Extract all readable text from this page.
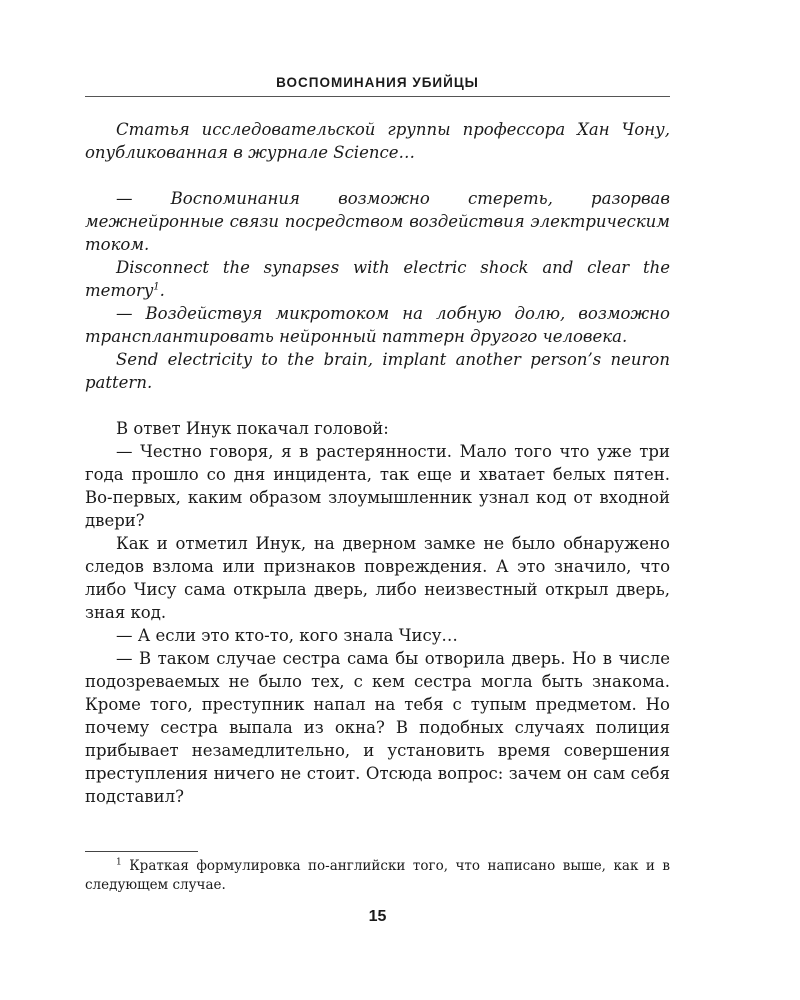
ВОСПОМИНАНИЯ УБИЙЦЫ

Статья исследовательской группы профессора Хан Чону, опубликованная в журнале Science…

— Воспоминания возможно стереть, разорвав межнейронные связи посредством воздействия электрическим током.

Disconnect the synapses with electric shock and clear the memory$^1$.

— Воздействуя микротоком на лобную долю, возможно трансплантировать нейронный паттерн другого человека.

Send electricity to the brain, implant another person’s neuron pattern.

В ответ Инук покачал головой:

— Честно говоря, я в растерянности. Мало того что уже три года прошло со дня инцидента, так еще и хватает белых пятен. Во-первых, каким образом злоумышленник узнал код от входной двери?

Как и отметил Инук, на дверном замке не было обнаружено следов взлома или признаков повреждения. А это значило, что либо Чису сама открыла дверь, либо неизвестный открыл дверь, зная код.

— А если это кто-то, кого знала Чису…

— В таком случае сестра сама бы отворила дверь. Но в числе подозреваемых не было тех, с кем сестра могла быть знакома. Кроме того, преступник напал на тебя с тупым предметом. Но почему сестра выпала из окна? В подобных случаях полиция прибывает незамедлительно, и установить время совершения преступления ничего не стоит. Отсюда вопрос: зачем он сам себя подставил?

$^1$ Краткая формулировка по-английски того, что написано выше, как и в следующем случае.

15
